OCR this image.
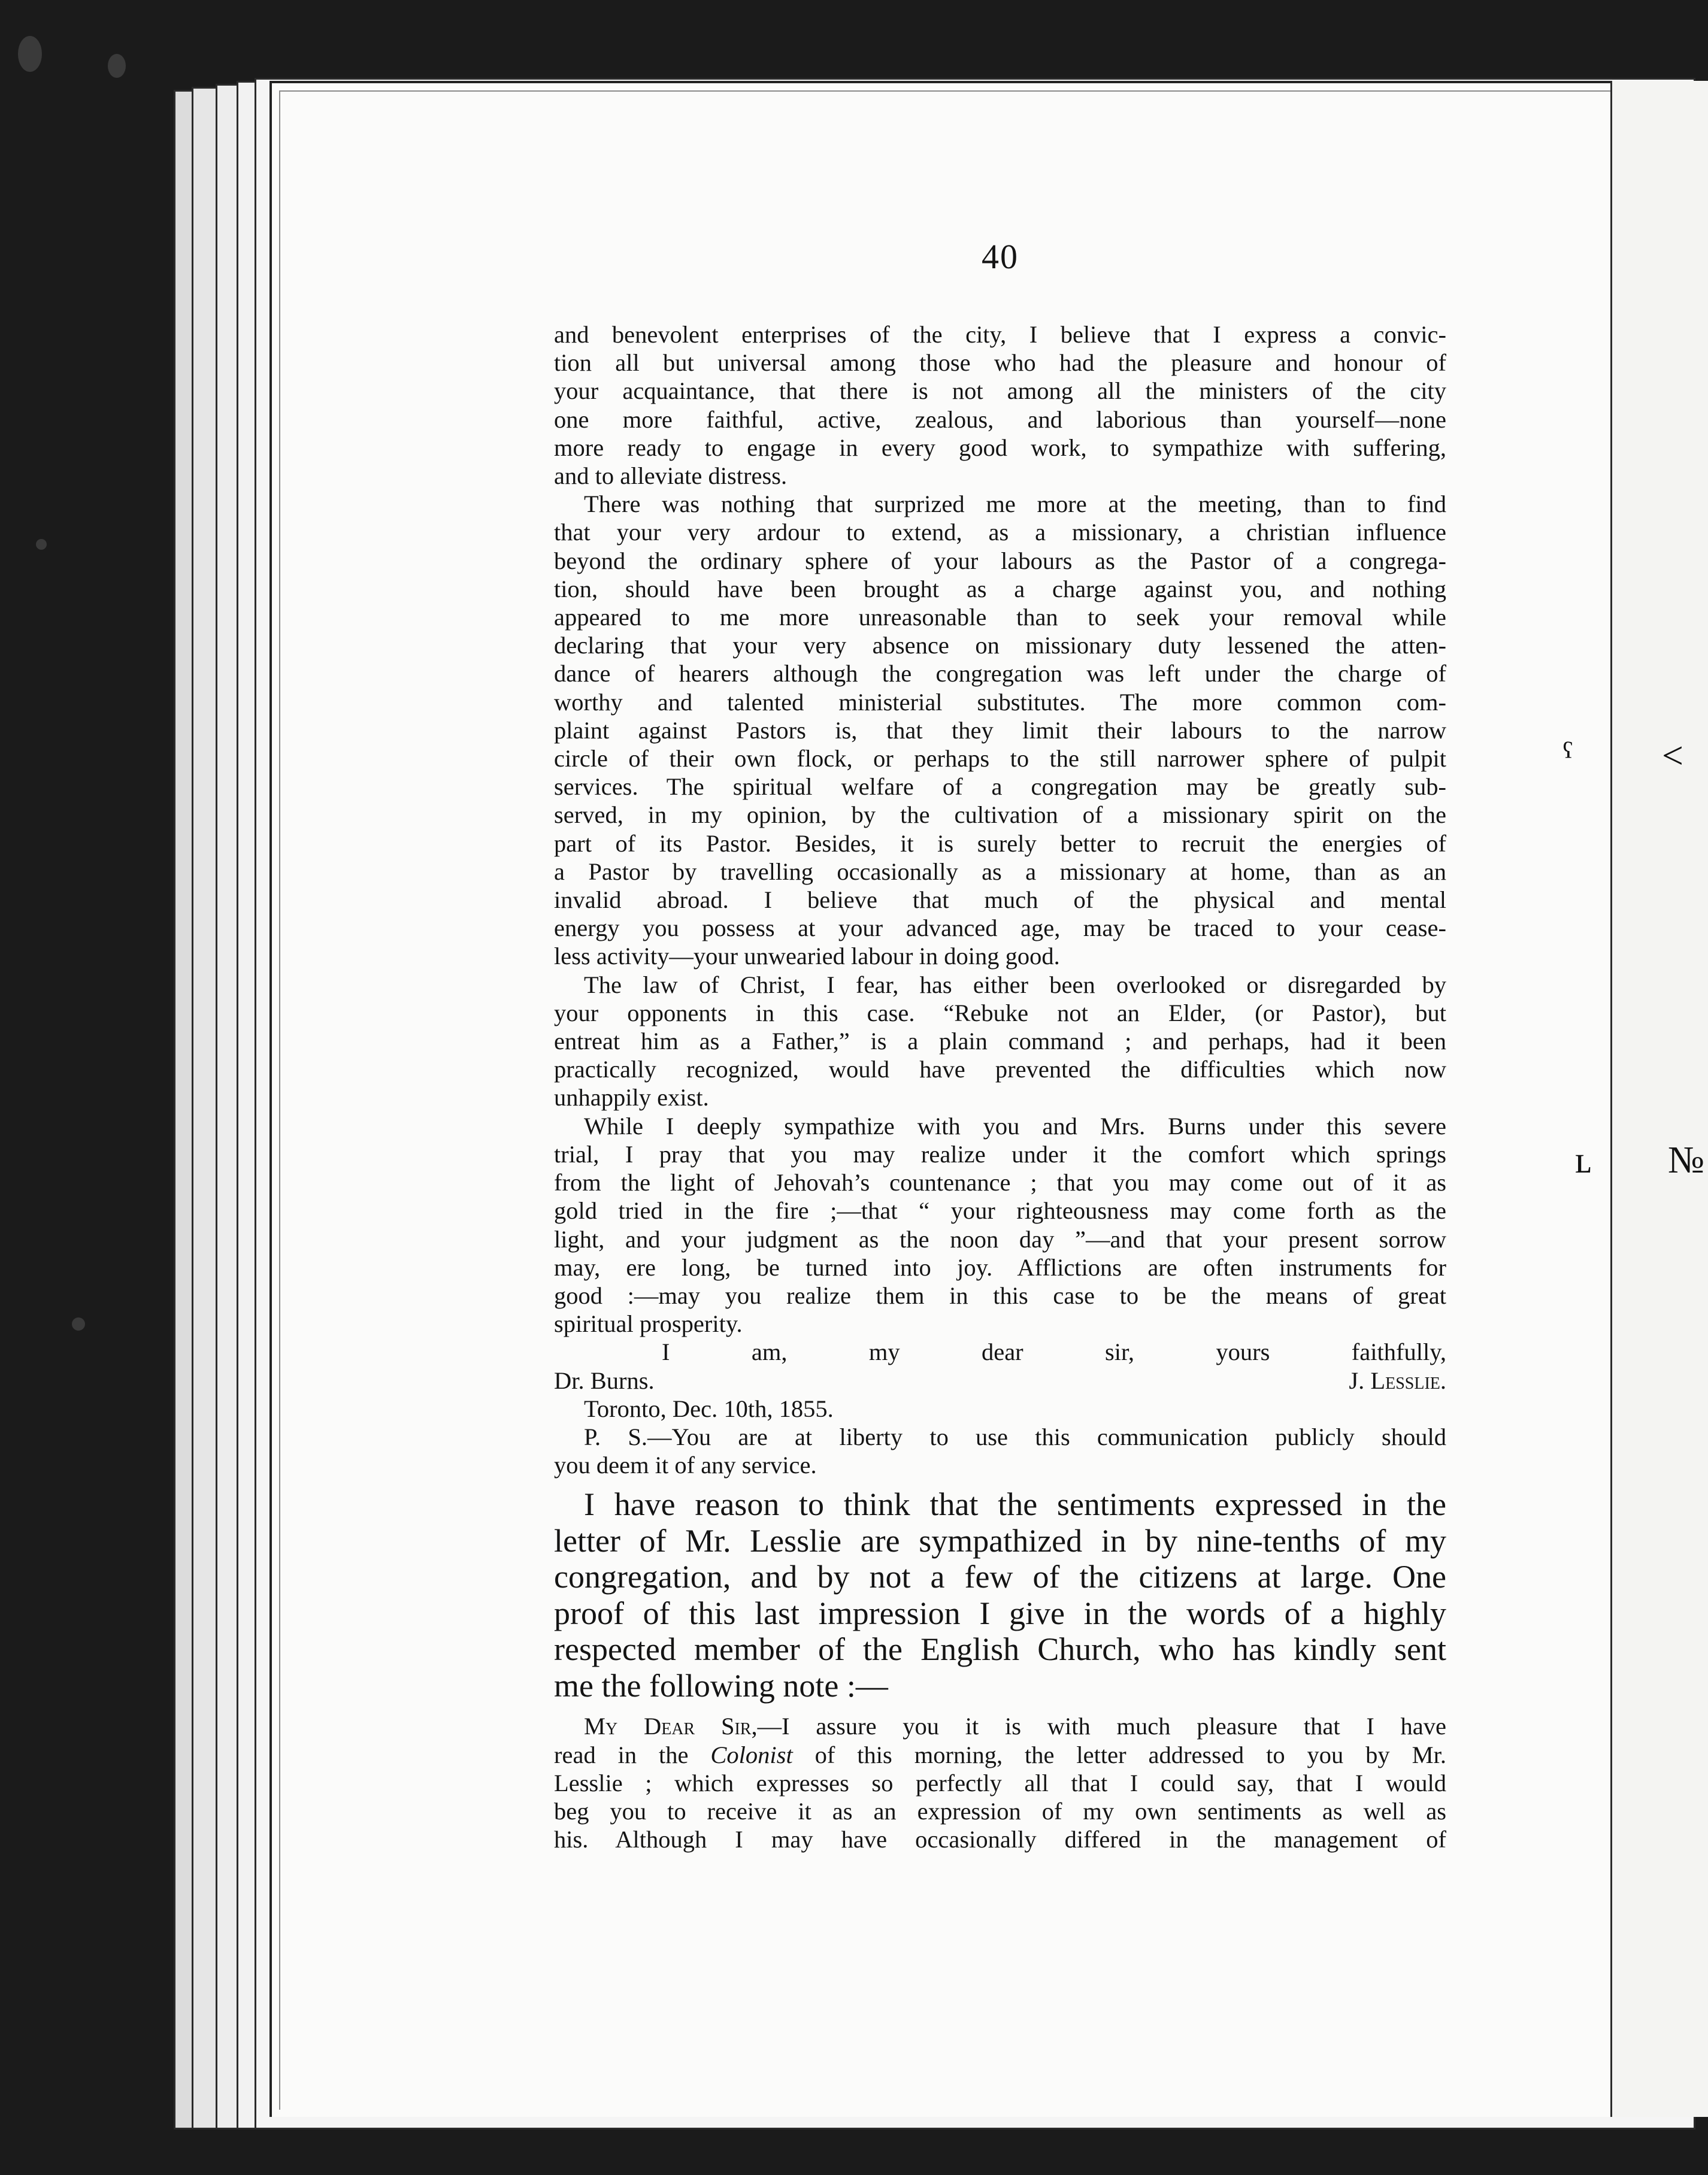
ˁ ˂
ʟ №
40

and benevolent enterprises of the city, I believe that I express a convic-
tion all but universal among those who had the pleasure and honour of
your acquaintance, that there is not among all the ministers of the city
one more faithful, active, zealous, and laborious than yourself—none
more ready to engage in every good work, to sympathize with suffering,
and to alleviate distress.

There was nothing that surprized me more at the meeting, than to find
that your very ardour to extend, as a missionary, a christian influence
beyond the ordinary sphere of your labours as the Pastor of a congrega-
tion, should have been brought as a charge against you, and nothing
appeared to me more unreasonable than to seek your removal while
declaring that your very absence on missionary duty lessened the atten-
dance of hearers although the congregation was left under the charge of
worthy and talented ministerial substitutes. The more common com-
plaint against Pastors is, that they limit their labours to the narrow
circle of their own flock, or perhaps to the still narrower sphere of pulpit
services. The spiritual welfare of a congregation may be greatly sub-
served, in my opinion, by the cultivation of a missionary spirit on the
part of its Pastor. Besides, it is surely better to recruit the energies of
a Pastor by travelling occasionally as a missionary at home, than as an
invalid abroad. I believe that much of the physical and mental
energy you possess at your advanced age, may be traced to your cease-
less activity—your unwearied labour in doing good.

The law of Christ, I fear, has either been overlooked or disregarded by
your opponents in this case. “Rebuke not an Elder, (or Pastor), but
entreat him as a Father,” is a plain command ; and perhaps, had it been
practically recognized, would have prevented the difficulties which now
unhappily exist.

While I deeply sympathize with you and Mrs. Burns under this severe
trial, I pray that you may realize under it the comfort which springs
from the light of Jehovah’s countenance ; that you may come out of it as
gold tried in the fire ;—that “ your righteousness may come forth as the
light, and your judgment as the noon day ”—and that your present sorrow
may, ere long, be turned into joy. Afflictions are often instruments for
good :—may you realize them in this case to be the means of great
spiritual prosperity.

I am, my dear sir, yours faithfully,
Dr. Burns.	J. Lesslie.
Toronto, Dec. 10th, 1855.

P. S.—You are at liberty to use this communication publicly should
you deem it of any service.

I have reason to think that the sentiments expressed in the
letter of Mr. Lesslie are sympathized in by nine-tenths of my
congregation, and by not a few of the citizens at large. One
proof of this last impression I give in the words of a highly
respected member of the English Church, who has kindly sent
me the following note :—

My Dear Sir,—I assure you it is with much pleasure that I have
read in the Colonist of this morning, the letter addressed to you by Mr.
Lesslie ; which expresses so perfectly all that I could say, that I would
beg you to receive it as an expression of my own sentiments as well as
his. Although I may have occasionally differed in the management of
